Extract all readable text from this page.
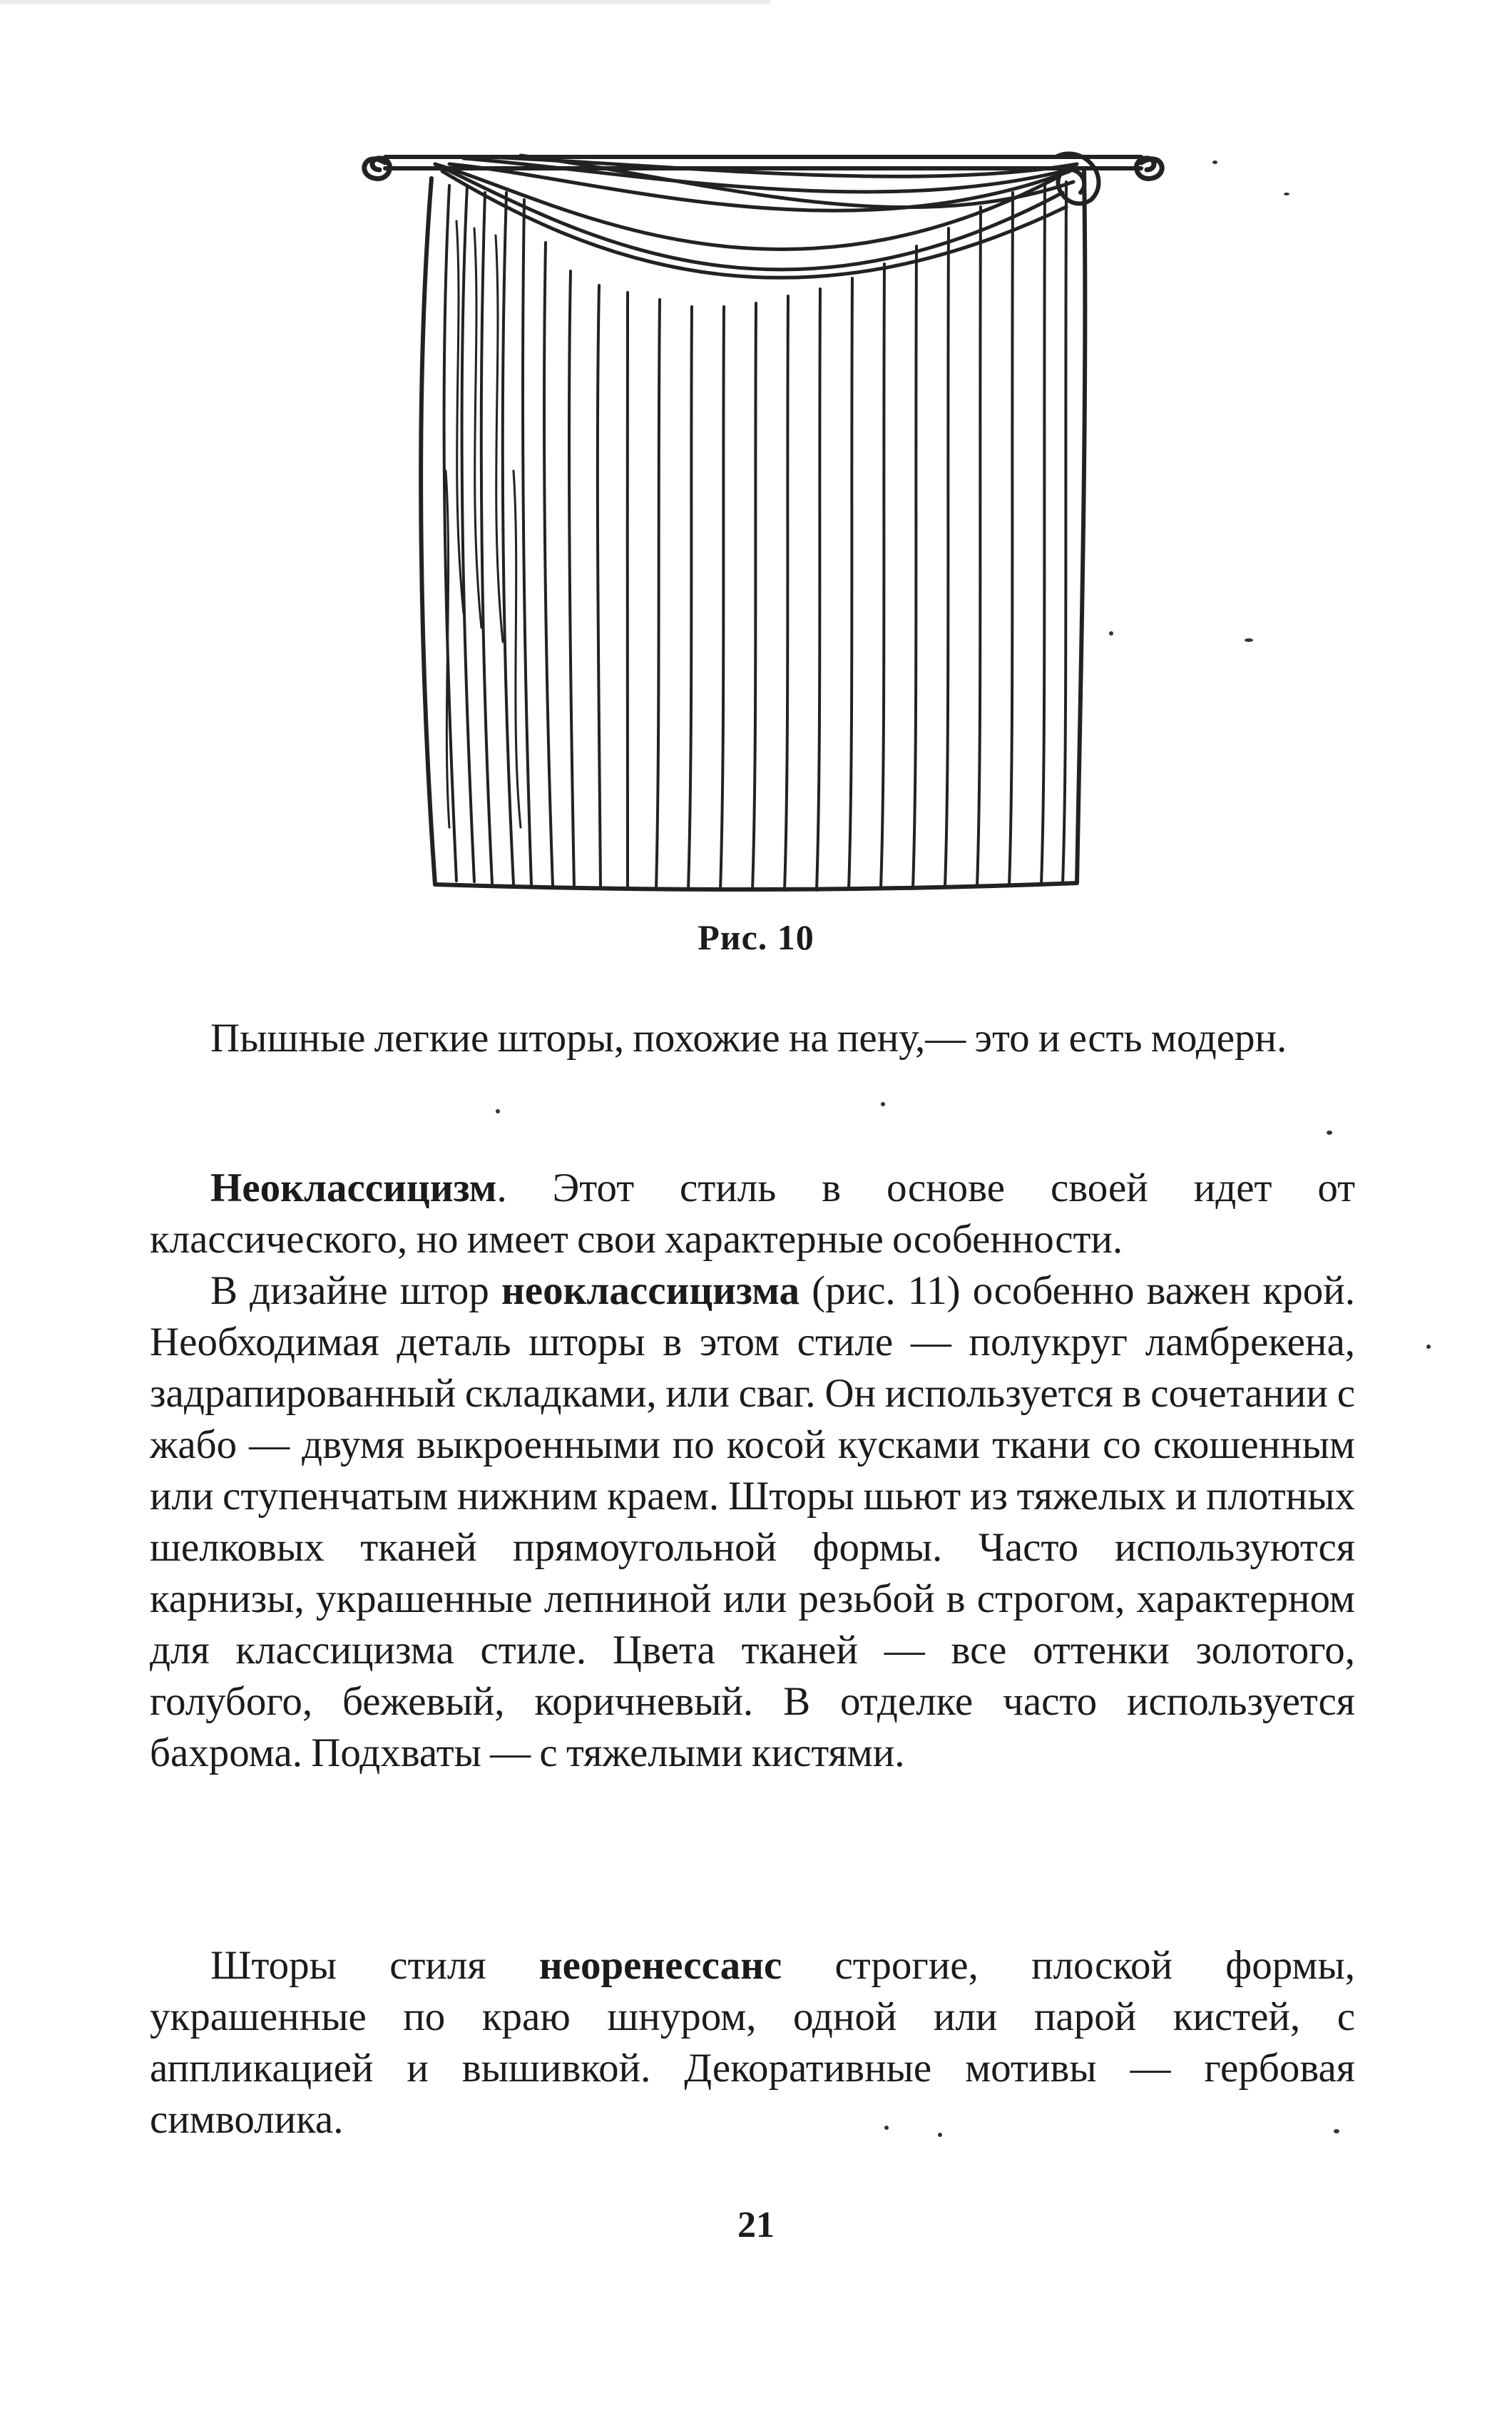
Рис. 10

Пышные легкие шторы, похожие на пену,— это и есть модерн.

Неоклассицизм. Этот стиль в основе своей идет от классического, но имеет свои характерные особенности.

В дизайне штор неоклассицизма (рис. 11) особенно важен крой. Необходимая деталь шторы в этом стиле — полукруг ламбрекена, задрапированный складками, или сваг. Он используется в сочетании с жабо — двумя выкроенными по косой кусками ткани со скошенным или ступенчатым нижним краем. Шторы шьют из тяжелых и плотных шелковых тканей прямоугольной формы. Часто используются карнизы, украшенные лепниной или резьбой в строгом, характерном для классицизма стиле. Цвета тканей — все оттенки золотого, голубого, бежевый, коричневый. В отделке часто используется бахрома. Подхваты — с тяжелыми кистями.

Шторы стиля неоренессанс строгие, плоской формы, украшенные по краю шнуром, одной или парой кистей, с аппликацией и вышивкой. Декоративные мотивы — гербовая символика.

21
